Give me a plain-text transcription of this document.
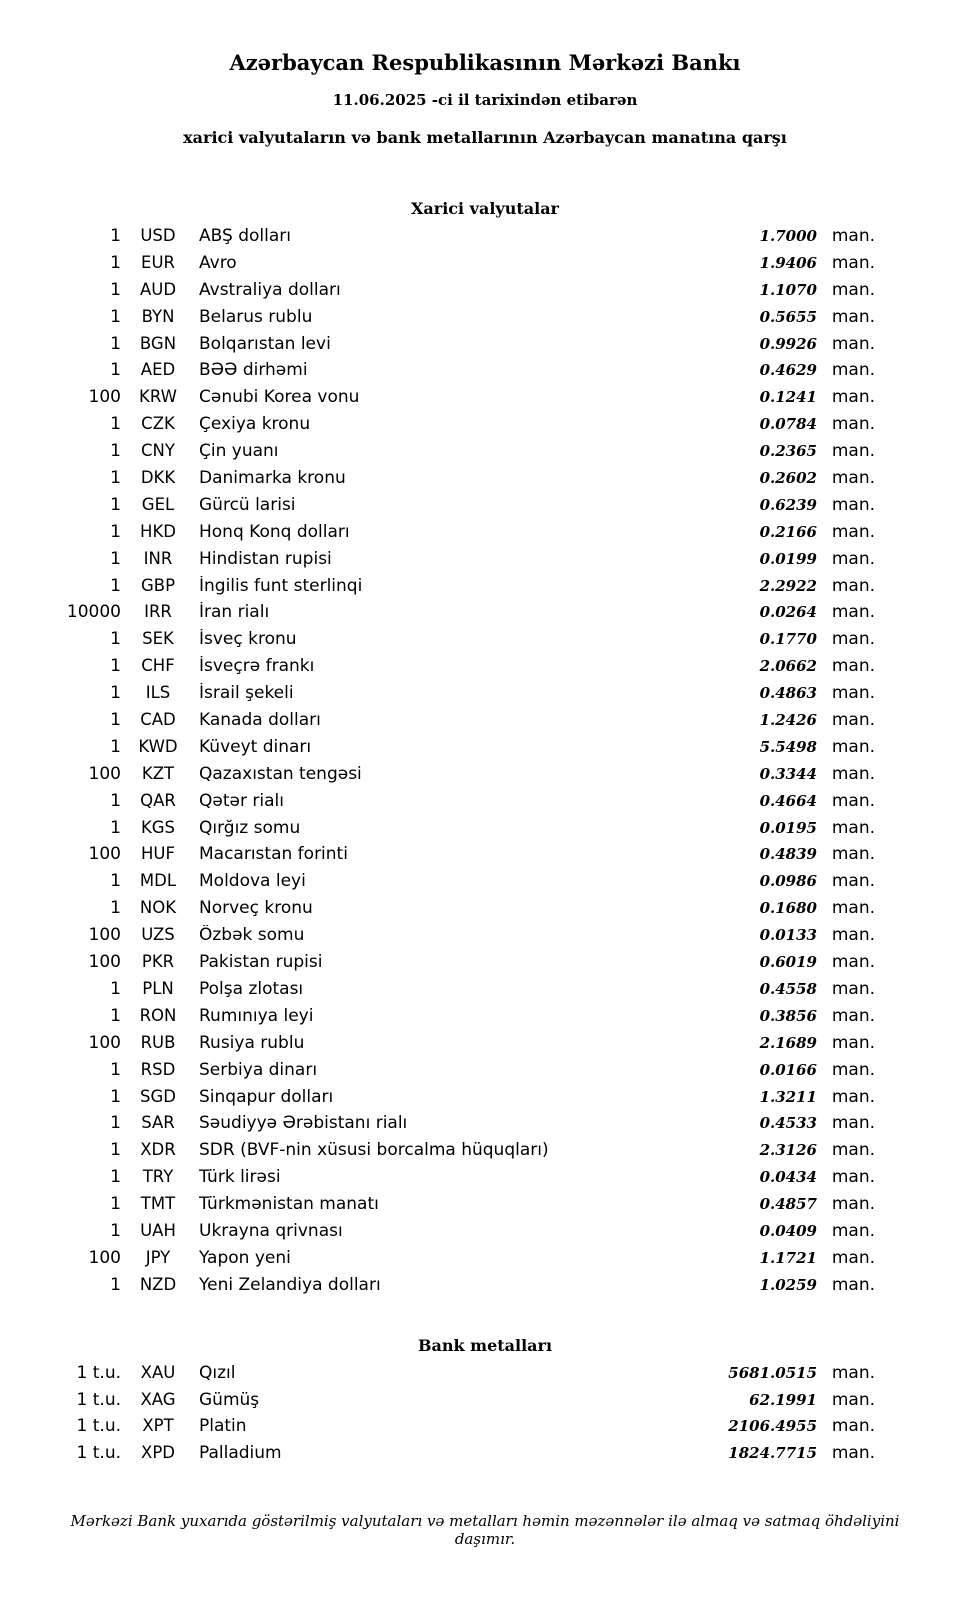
Azərbaycan Respublikasının Mərkəzi Bankı
11.06.2025 -ci il tarixindən etibarən
xarici valyutaların və bank metallarının Azərbaycan manatına qarşı
Xarici valyutalar
1	USD	ABŞ dolları	1.7000 man.
1	EUR	Avro	1.9406 man.
1	AUD	Avstraliya dolları	1.1070 man.
1	BYN	Belarus rublu	0.5655 man.
1	BGN	Bolqarıstan levi	0.9926 man.
1	AED	BƏƏ dirhəmi	0.4629 man.
100	KRW	Cənubi Korea vonu	0.1241 man.
1	CZK	Çexiya kronu	0.0784 man.
1	CNY	Çin yuanı	0.2365 man.
1	DKK	Danimarka kronu	0.2602 man.
1	GEL	Gürcü larisi	0.6239 man.
1	HKD	Honq Konq dolları	0.2166 man.
1	INR	Hindistan rupisi	0.0199 man.
1	GBP	İngilis funt sterlinqi	2.2922 man.
10000	IRR	İran rialı	0.0264 man.
1	SEK	İsveç kronu	0.1770 man.
1	CHF	İsveçrə frankı	2.0662 man.
1	ILS	İsrail şekeli	0.4863 man.
1	CAD	Kanada dolları	1.2426 man.
1	KWD	Küveyt dinarı	5.5498 man.
100	KZT	Qazaxıstan tengəsi	0.3344 man.
1	QAR	Qətər rialı	0.4664 man.
1	KGS	Qırğız somu	0.0195 man.
100	HUF	Macarıstan forinti	0.4839 man.
1	MDL	Moldova leyi	0.0986 man.
1	NOK	Norveç kronu	0.1680 man.
100	UZS	Özbək somu	0.0133 man.
100	PKR	Pakistan rupisi	0.6019 man.
1	PLN	Polşa zlotası	0.4558 man.
1	RON	Rumınıya leyi	0.3856 man.
100	RUB	Rusiya rublu	2.1689 man.
1	RSD	Serbiya dinarı	0.0166 man.
1	SGD	Sinqapur dolları	1.3211 man.
1	SAR	Səudiyyə Ərəbistanı rialı	0.4533 man.
1	XDR	SDR (BVF-nin xüsusi borcalma hüquqları)	2.3126 man.
1	TRY	Türk lirəsi	0.0434 man.
1	TMT	Türkmənistan manatı	0.4857 man.
1	UAH	Ukrayna qrivnası	0.0409 man.
100	JPY	Yapon yeni	1.1721 man.
1	NZD	Yeni Zelandiya dolları	1.0259 man.
Bank metalları
1 t.u.	XAU	Qızıl	5681.0515 man.
1 t.u.	XAG	Gümüş	62.1991 man.
1 t.u.	XPT	Platin	2106.4955 man.
1 t.u.	XPD	Palladium	1824.7715 man.
Mərkəzi Bank yuxarıda göstərilmiş valyutaları və metalları həmin məzənnələr ilə almaq və satmaq öhdəliyini daşımır.
